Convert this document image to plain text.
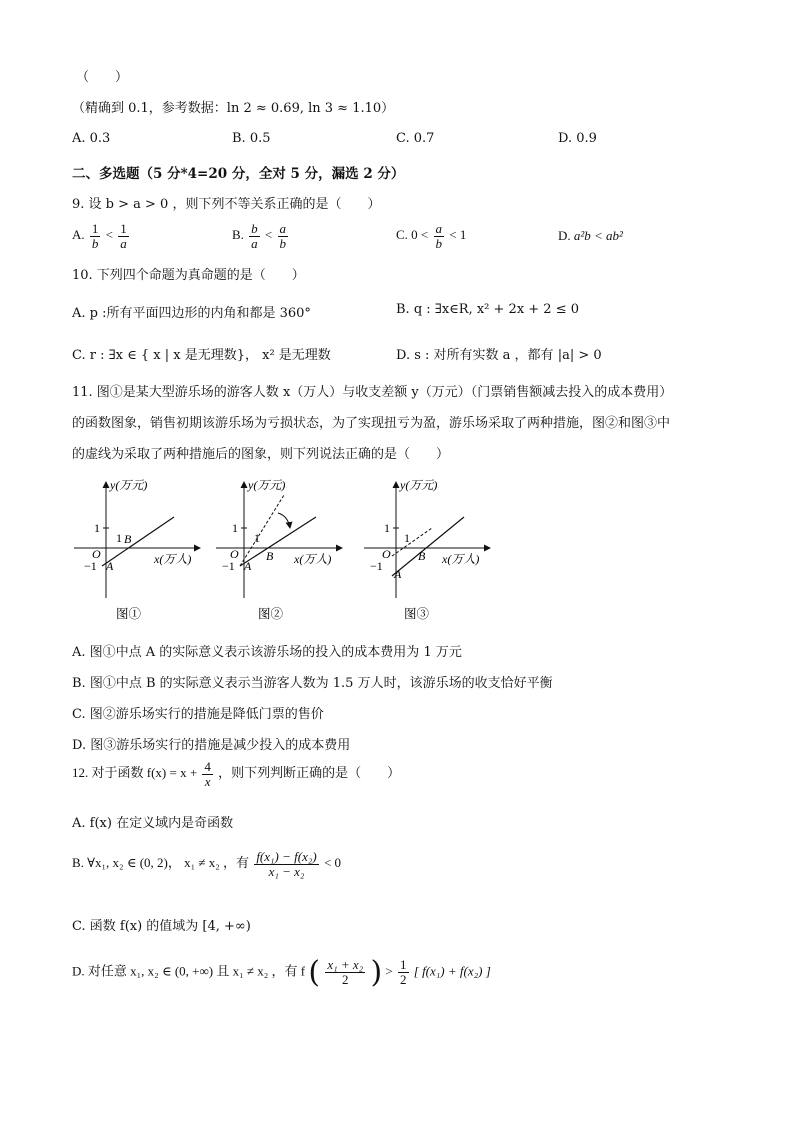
（　　）
（精确到 0.1，参考数据：ln 2 ≈ 0.69, ln 3 ≈ 1.10）
A. 0.3	B. 0.5	C. 0.7	D. 0.9
二、多选题（5 分*4=20 分，全对 5 分，漏选 2 分）
9. 设 b > a > 0 ，则下列不等关系正确的是（　　）
A. $\frac{1}{b} < \frac{1}{a}$	B. $\frac{b}{a} < \frac{a}{b}$	C. $0 < \frac{a}{b} < 1$	D. a²b < ab²
10. 下列四个命题为真命题的是（　　）
A. p :所有平面四边形的内角和都是 360°	B. q : ∃x∈R, x² + 2x + 2 ≤ 0
C. r : ∃x ∈ { x | x 是无理数}， x² 是无理数	D. s : 对所有实数 a ，都有 |a| > 0
11. 图①是某大型游乐场的游客人数 x（万人）与收支差额 y（万元）（门票销售额减去投入的成本费用）
的函数图象，销售初期该游乐场为亏损状态，为了实现扭亏为盈，游乐场采取了两种措施，图②和图③中
的虚线为采取了两种措施后的图象，则下列说法正确的是（　　）
y(万元)
x(万人)
1
1
−1
O
A
B
y(万元)
x(万人)
1
1
−1
O
A
B
y(万元)
x(万人)
1
1
−1
O
A
B
图①	图②	图③
A. 图①中点 A 的实际意义表示该游乐场的投入的成本费用为 1 万元
B. 图①中点 B 的实际意义表示当游客人数为 1.5 万人时，该游乐场的收支恰好平衡
C. 图②游乐场实行的措施是降低门票的售价
D. 图③游乐场实行的措施是减少投入的成本费用
12. 对于函数 $f(x) = x + \frac{4}{x}$ ，则下列判断正确的是（　　）
A. f(x) 在定义域内是奇函数
B. ∀x₁, x₂ ∈ (0, 2)， x₁ ≠ x₂ ，有 $\frac{\text{f(x₁) − f(x₂)}}{\text{x₁ − x₂}} < 0$
C. 函数 f(x) 的值域为 [4, +∞)
D. 对任意 x₁, x₂ ∈ (0, +∞) 且 x₁ ≠ x₂ ，有 f ( $\frac{\text{x₁ + x₂}}{2}$ ) > $\frac{1}{2}$ [ f(x₁) + f(x₂) ]
